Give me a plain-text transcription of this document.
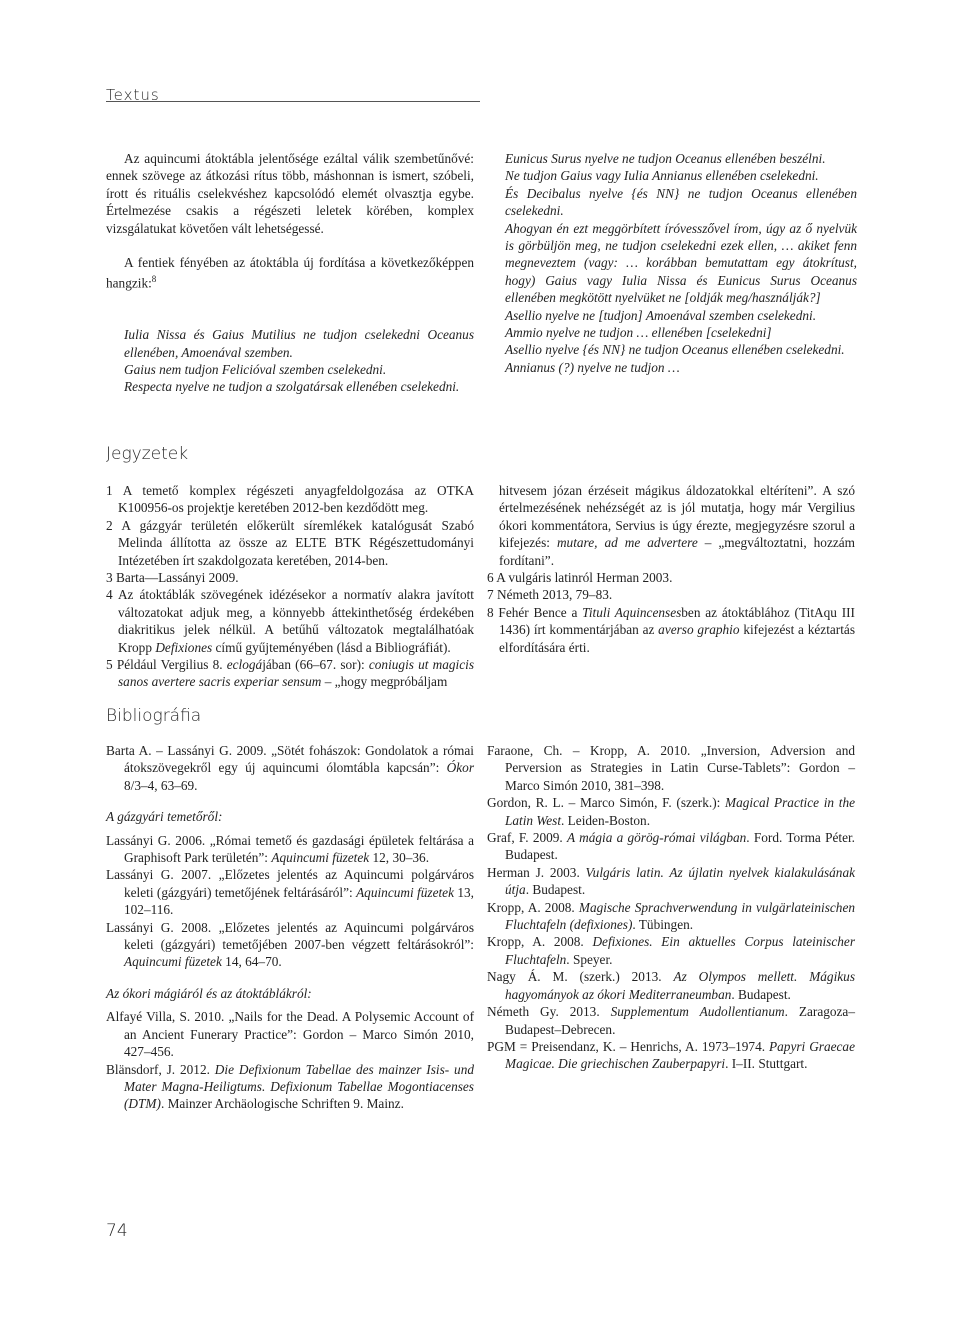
Textus

Az aquincumi átoktábla jelentősége ezáltal válik szembetűnővé: ennek szövege az átkozási rítus több, máshonnan is ismert, szóbeli, írott és rituális cselekvéshez kapcsolódó elemét olvasztja egybe. Értelmezése csakis a régészeti leletek körében, komplex vizsgálatukat követően vált lehetségessé.

A fentiek fényében az átoktábla új fordítása a következőképpen hangzik:$^8$

Iulia Nissa és Gaius Mutilius ne tudjon cselekedni Oceanus ellenében, Amoenával szemben.

Gaius nem tudjon Felicióval szemben cselekedni.

Respecta nyelve ne tudjon a szolgatársak ellenében cselekedni.

Eunicus Surus nyelve ne tudjon Oceanus ellenében beszélni.

Ne tudjon Gaius vagy Iulia Annianus ellenében cselekedni.

És Decibalus nyelve {és NN} ne tudjon Oceanus ellenében cselekedni.

Ahogyan én ezt meggörbített íróvesszővel írom, úgy az ő nyelvük is görbüljön meg, ne tudjon cselekedni ezek ellen, … akiket fenn megneveztem (vagy: … korábban bemutattam egy átokrítust, hogy) Gaius vagy Iulia Nissa és Eunicus Surus Oceanus ellenében megkötött nyelvüket ne [oldják meg/használják?]

Asellio nyelve ne [tudjon] Amoenával szemben cselekedni.

Ammio nyelve ne tudjon … ellenében [cselekedni]

Asellio nyelve {és NN} ne tudjon Oceanus ellenében cselekedni.

Annianus (?) nyelve ne tudjon …

Jegyzetek

1 A temető komplex régészeti anyagfeldolgozása az OTKA K100956-os projektje keretében 2012-ben kezdődött meg.

2 A gázgyár területén előkerült síremlékek katalógusát Szabó Melinda állította az össze az ELTE BTK Régészettudományi Intézetében írt szakdolgozata keretében, 2014-ben.

3 Barta—Lassányi 2009.

4 Az átoktáblák szövegének idézésekor a normatív alakra javított változatokat adjuk meg, a könnyebb áttekinthetőség érdekében diakritikus jelek nélkül. A betűhű változatok megtalálhatóak Kropp Defixiones című gyűjteményében (lásd a Bibliográfiát).

5 Például Vergilius 8. eclogájában (66–67. sor): coniugis ut magicis sanos avertere sacris experiar sensum – „hogy megpróbáljam

hitvesem józan érzéseit mágikus áldozatokkal eltéríteni”. A szó értelmezésének nehézségét az is jól mutatja, hogy már Vergilius ókori kommentátora, Servius is úgy érezte, megjegyzésre szorul a kifejezés: mutare, ad me advertere – „megváltoztatni, hozzám fordítani”.

6 A vulgáris latinról Herman 2003.

7 Németh 2013, 79–83.

8 Fehér Bence a Tituli Aquincensesben az átoktáblához (TitAqu III 1436) írt kommentárjában az averso graphio kifejezést a kéztartás elfordítására érti.

Bibliográfia

Barta A. – Lassányi G. 2009. „Sötét fohászok: Gondolatok a római átokszövegekről egy új aquincumi ólomtábla kapcsán”: Ókor 8/3–4, 63–69.

A gázgyári temetőről:

Lassányi G. 2006. „Római temető és gazdasági épületek feltárása a Graphisoft Park területén”: Aquincumi füzetek 12, 30–36.

Lassányi G. 2007. „Előzetes jelentés az Aquincumi polgárváros keleti (gázgyári) temetőjének feltárásáról”: Aquincumi füzetek 13, 102–116.

Lassányi G. 2008. „Előzetes jelentés az Aquincumi polgárváros keleti (gázgyári) temetőjében 2007-ben végzett feltárásokról”: Aquincumi füzetek 14, 64–70.

Az ókori mágiáról és az átoktáblákról:

Alfayé Villa, S. 2010. „Nails for the Dead. A Polysemic Account of an Ancient Funerary Practice”: Gordon – Marco Simón 2010, 427–456.

Blänsdorf, J. 2012. Die Defixionum Tabellae des mainzer Isis- und Mater Magna-Heiligtums. Defixionum Tabellae Mogontiacenses (DTM). Mainzer Archäologische Schriften 9. Mainz.

Faraone, Ch. – Kropp, A. 2010. „Inversion, Adversion and Perversion as Strategies in Latin Curse-Tablets”: Gordon – Marco Simón 2010, 381–398.

Gordon, R. L. – Marco Simón, F. (szerk.): Magical Practice in the Latin West. Leiden-Boston.

Graf, F. 2009. A mágia a görög-római világban. Ford. Torma Péter. Budapest.

Herman J. 2003. Vulgáris latin. Az újlatin nyelvek kialakulásának útja. Budapest.

Kropp, A. 2008. Magische Sprachverwendung in vulgärlateinischen Fluchtafeln (defixiones). Tübingen.

Kropp, A. 2008. Defixiones. Ein aktuelles Corpus lateinischer Fluchtafeln. Speyer.

Nagy Á. M. (szerk.) 2013. Az Olympos mellett. Mágikus hagyományok az ókori Mediterraneumban. Budapest.

Németh Gy. 2013. Supplementum Audollentianum. Zaragoza–Budapest–Debrecen.

PGM = Preisendanz, K. – Henrichs, A. 1973–1974. Papyri Graecae Magicae. Die griechischen Zauberpapyri. I–II. Stuttgart.

74
